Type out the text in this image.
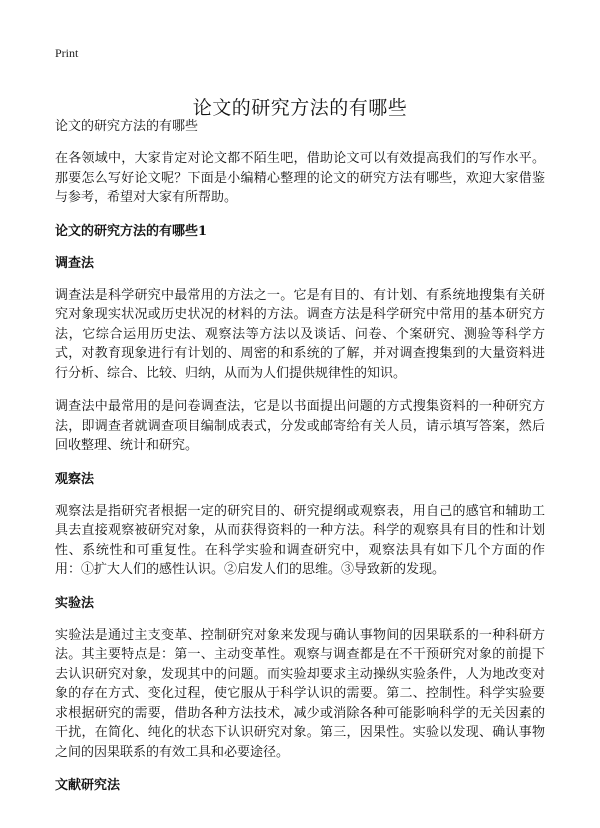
Print
论文的研究方法的有哪些

论文的研究方法的有哪些

在各领域中，大家肯定对论文都不陌生吧，借助论文可以有效提高我们的写作水平。那要怎么写好论文呢？下面是小编精心整理的论文的研究方法有哪些，欢迎大家借鉴与参考，希望对大家有所帮助。

论文的研究方法的有哪些1
调查法

调查法是科学研究中最常用的方法之一。它是有目的、有计划、有系统地搜集有关研究对象现实状况或历史状况的材料的方法。调查方法是科学研究中常用的基本研究方法，它综合运用历史法、观察法等方法以及谈话、问卷、个案研究、测验等科学方式，对教育现象进行有计划的、周密的和系统的了解，并对调查搜集到的大量资料进行分析、综合、比较、归纳，从而为人们提供规律性的知识。

调查法中最常用的是问卷调查法，它是以书面提出问题的方式搜集资料的一种研究方法，即调查者就调查项目编制成表式，分发或邮寄给有关人员，请示填写答案，然后回收整理、统计和研究。

观察法

观察法是指研究者根据一定的研究目的、研究提纲或观察表，用自己的感官和辅助工具去直接观察被研究对象，从而获得资料的一种方法。科学的观察具有目的性和计划性、系统性和可重复性。在科学实验和调查研究中，观察法具有如下几个方面的作用：①扩大人们的感性认识。②启发人们的思维。③导致新的发现。

实验法

实验法是通过主支变革、控制研究对象来发现与确认事物间的因果联系的一种科研方法。其主要特点是：第一、主动变革性。观察与调查都是在不干预研究对象的前提下去认识研究对象，发现其中的问题。而实验却要求主动操纵实验条件，人为地改变对象的存在方式、变化过程，使它服从于科学认识的需要。第二、控制性。科学实验要求根据研究的需要，借助各种方法技术，减少或消除各种可能影响科学的无关因素的干扰，在简化、纯化的状态下认识研究对象。第三，因果性。实验以发现、确认事物之间的因果联系的有效工具和必要途径。

文献研究法
